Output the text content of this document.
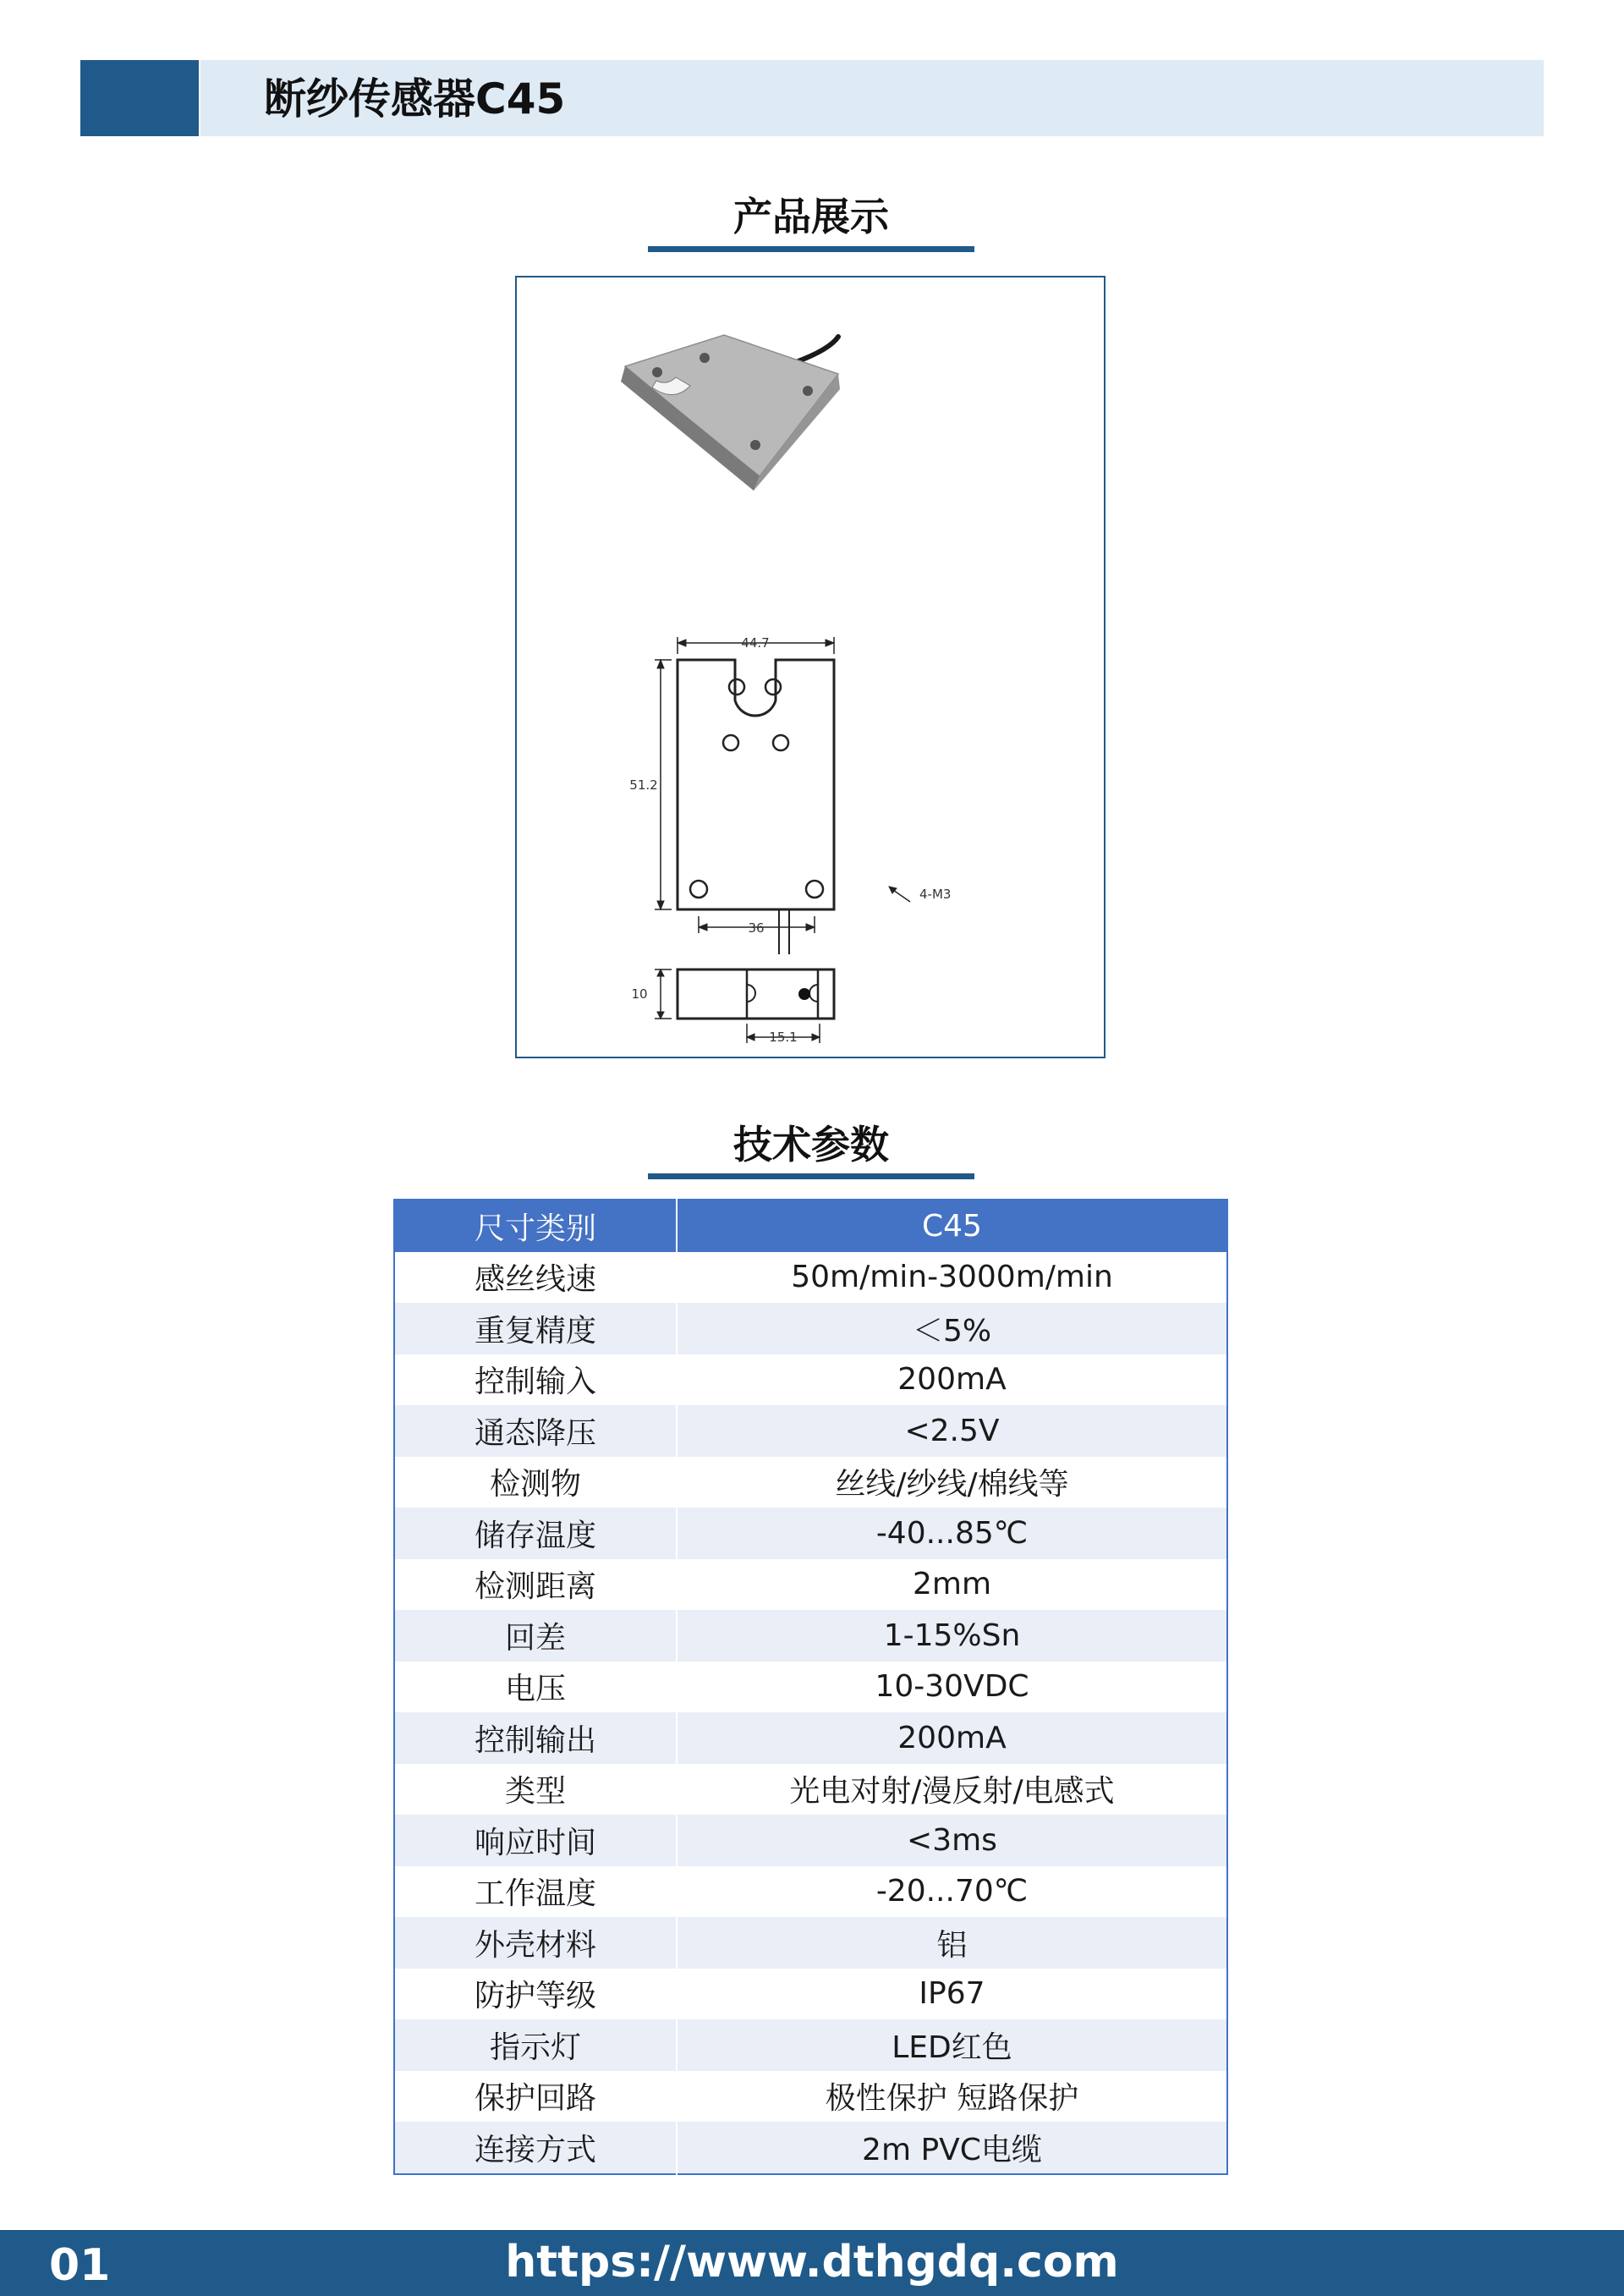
断纱传感器C45
产品展示
44.7
51.2
36
4-M3
10
15.1
技术参数
尺寸类别	C45
感丝线速	50m/min-3000m/min
重复精度	＜5%
控制输入	200mA
通态降压	<2.5V
检测物	丝线/纱线/棉线等
储存温度	-40...85℃
检测距离	2mm
回差	1-15%Sn
电压	10-30VDC
控制输出	200mA
类型	光电对射/漫反射/电感式
响应时间	<3ms
工作温度	-20...70℃
外壳材料	铝
防护等级	IP67
指示灯	LED红色
保护回路	极性保护 短路保护
连接方式	2m PVC电缆
01	https://www.dthgdq.com
